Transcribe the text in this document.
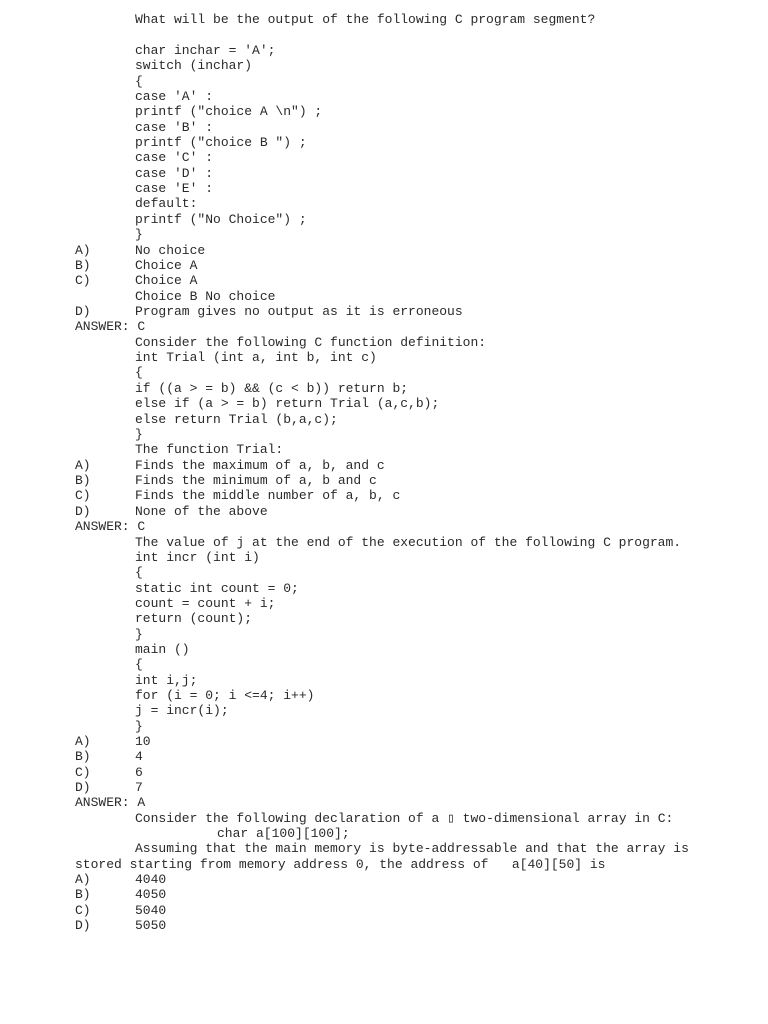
What will be the output of the following C program segment?
char inchar = 'A';
switch (inchar)
{
case 'A' :
printf ("choice A \n") ;
case 'B' :
printf ("choice B ") ;
case 'C' :
case 'D' :
case 'E' :
default:
printf ("No Choice") ;
}
A)	No choice
B)	Choice A
C)	Choice A
Choice B No choice
D)	Program gives no output as it is erroneous
ANSWER: C
Consider the following C function definition:
int Trial (int a, int b, int c)
{
if ((a > = b) && (c < b)) return b;
else if (a > = b) return Trial (a,c,b);
else return Trial (b,a,c);
}
The function Trial:
A)	Finds the maximum of a, b, and c
B)	Finds the minimum of a, b and c
C)	Finds the middle number of a, b, c
D)	None of the above
ANSWER: C
The value of j at the end of the execution of the following C program.
int incr (int i)
{
static int count = 0;
count = count + i;
return (count);
}
main ()
{
int i,j;
for (i = 0; i <=4; i++)
j = incr(i);
}
A)	10
B)	4
C)	6
D)	7
ANSWER: A
Consider the following declaration of a ▯ two-dimensional array in C:
char a[100][100];
Assuming that the main memory is byte-addressable and that the array is
stored starting from memory address 0, the address of   a[40][50] is
A)	4040
B)	4050
C)	5040
D)	5050
